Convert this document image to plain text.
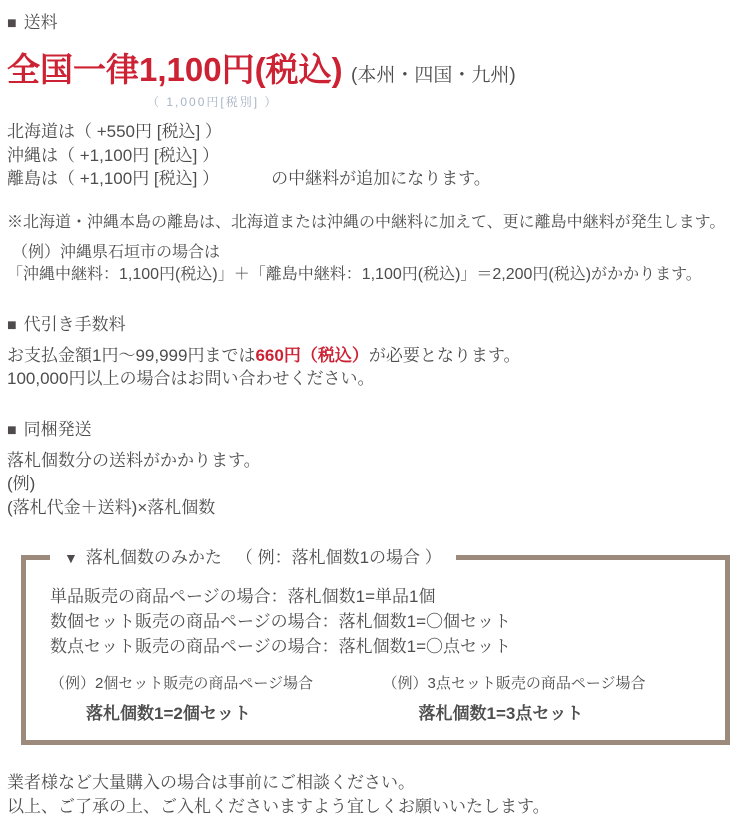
■ 送料
全国一律1,100円(税込) (本州・四国・九州)
（ 1,000円[税別] ）
北海道は（ +550円 [税込] ）
沖縄は（ +1,100円 [税込] ）
離島は（ +1,100円 [税込] ）	の中継料が追加になります。
※北海道・沖縄本島の離島は、北海道または沖縄の中継料に加えて、更に離島中継料が発生します。
（例）沖縄県石垣市の場合は
「沖縄中継料：1,100円(税込)」＋「離島中継料：1,100円(税込)」＝2,200円(税込)がかかります。
■ 代引き手数料
お支払金額1円～99,999円までは660円（税込）が必要となります。
100,000円以上の場合はお問い合わせください。
■ 同梱発送
落札個数分の送料がかかります。
(例)
(落札代金＋送料)×落札個数
▼ 落札個数のみかた （ 例：落札個数1の場合 ）
単品販売の商品ページの場合：落札個数1=単品1個
数個セット販売の商品ページの場合：落札個数1=〇個セット
数点セット販売の商品ページの場合：落札個数1=〇点セット
（例）2個セット販売の商品ページ場合
落札個数1=2個セット
（例）3点セット販売の商品ページ場合
落札個数1=3点セット
業者様など大量購入の場合は事前にご相談ください。
以上、ご了承の上、ご入札くださいますよう宜しくお願いいたします。
